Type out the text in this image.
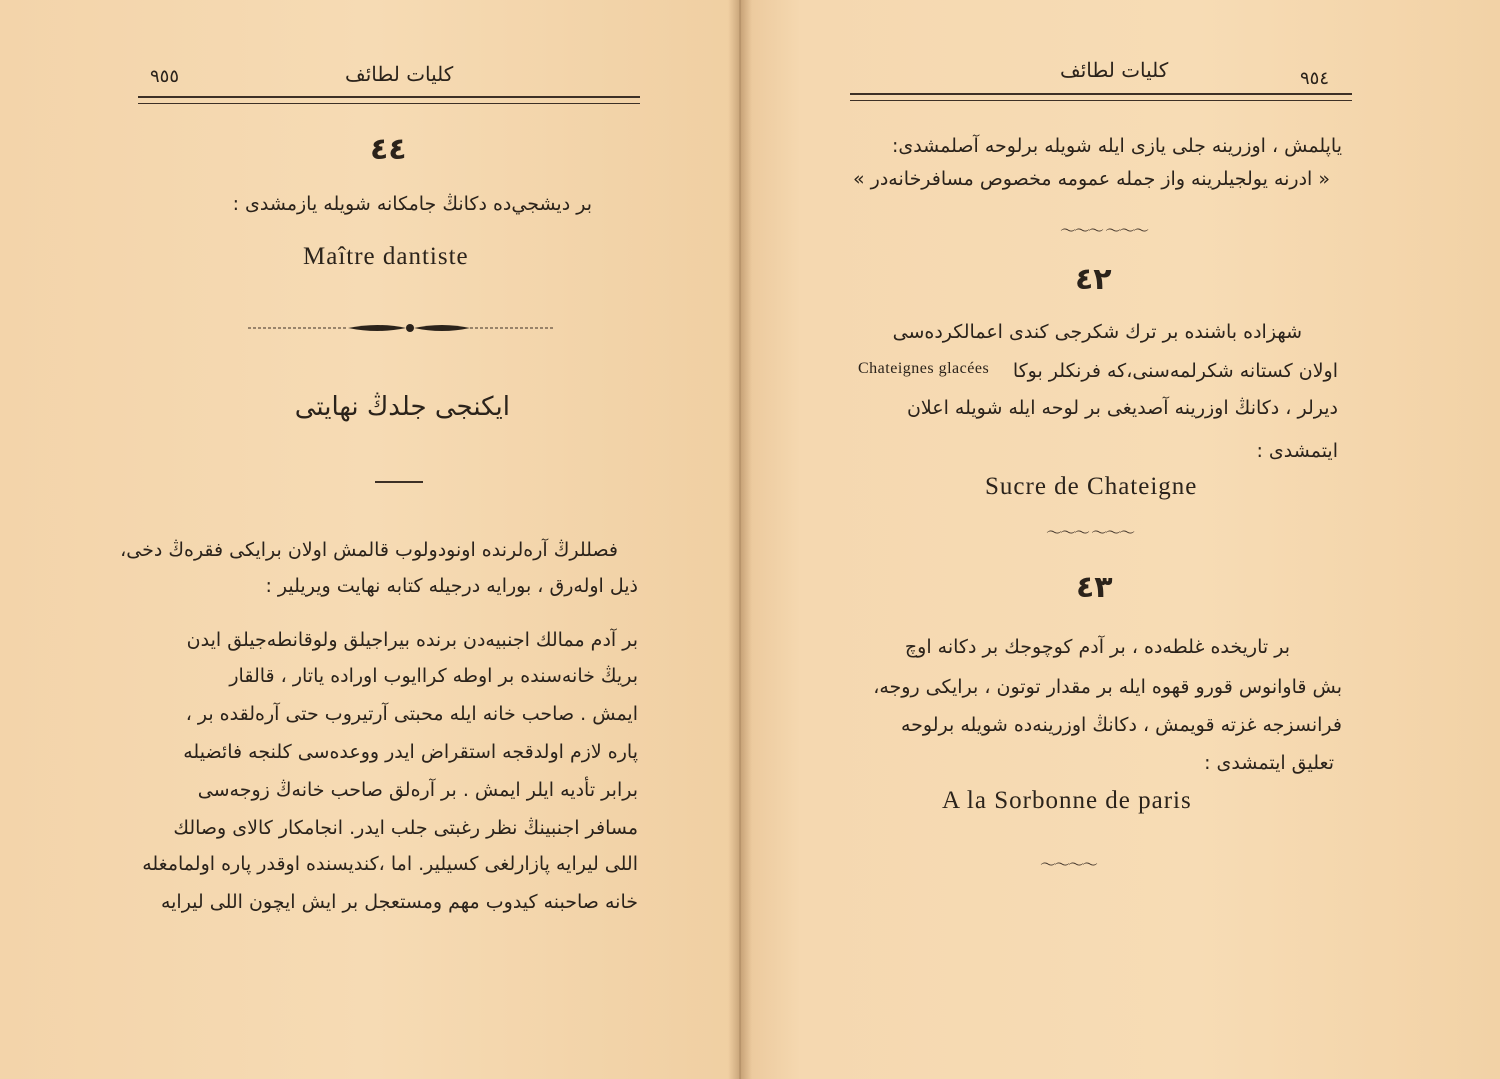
كليات لطائف
٩٥٥
٤٤
بر ديشجي‌ده دكانڭ جامكانه شويله يازمشدى :
Maître dantiste
ايكنجى جلدڭ نهايتى
فصللرڭ آره‌لرنده اونودولوب قالمش اولان برايكى فقره‌ڭ دخى،
ذيل اوله‌رق ، بورايه درجيله كتابه نهايت ويريلير :
بر آدم ممالك اجنبيه‌دن برنده بيراجيلق ولوقانطه‌جيلق ايدن
بريڭ خانه‌سنده بر اوطه كراايوب اوراده ياتار ، قالقار
ايمش . صاحب خانه ايله محبتى آرتيروب حتى آره‌لقده بر ،
پاره لازم اولدقجه استقراض ايدر ووعده‌سى كلنجه فائضيله
برابر تأديه ايلر ايمش . بر آره‌لق صاحب خانه‌ڭ زوجه‌سى
مسافر اجنبينڭ نظر رغبتى جلب ايدر. انجامكار كالاى وصالك
اللى ليرايه پازارلغى كسيلير. اما ،كنديسنده اوقدر پاره اولمامغله
خانه صاحبنه كيدوب مهم ومستعجل بر ايش ايچون اللى ليرايه
كليات لطائف	٩٥٤
ياپلمش ، اوزرينه جلى يازى ايله شويله برلوحه آصلمشدى:
« ادرنه يولجيلرينه واز جمله عمومه مخصوص مسافرخانه‌در »
〜〜〜 〜〜〜
٤٢
شهزاده باشنده بر ترك شكرجى كندى اعمالكرده‌سى
اولان كستانه شكرلمه‌سنى،كه فرنكلر بوكا
Chateignes glacées
ديرلر ، دكانڭ اوزرينه آصديغى بر لوحه ايله شويله اعلان
ايتمشدى :
Sucre de Chateigne
〜〜〜 〜〜〜
٤٣
بر تاريخده غلطه‌ده ، بر آدم كوچوجك بر دكانه اوچ
بش قاوانوس قورو قهوه ايله بر مقدار توتون ، برايكى روجه،
فرانسزجه غزته قويمش ، دكانڭ اوزرينه‌ده شويله برلوحه
تعليق ايتمشدى :
A la Sorbonne de paris
〜〜〜〜
